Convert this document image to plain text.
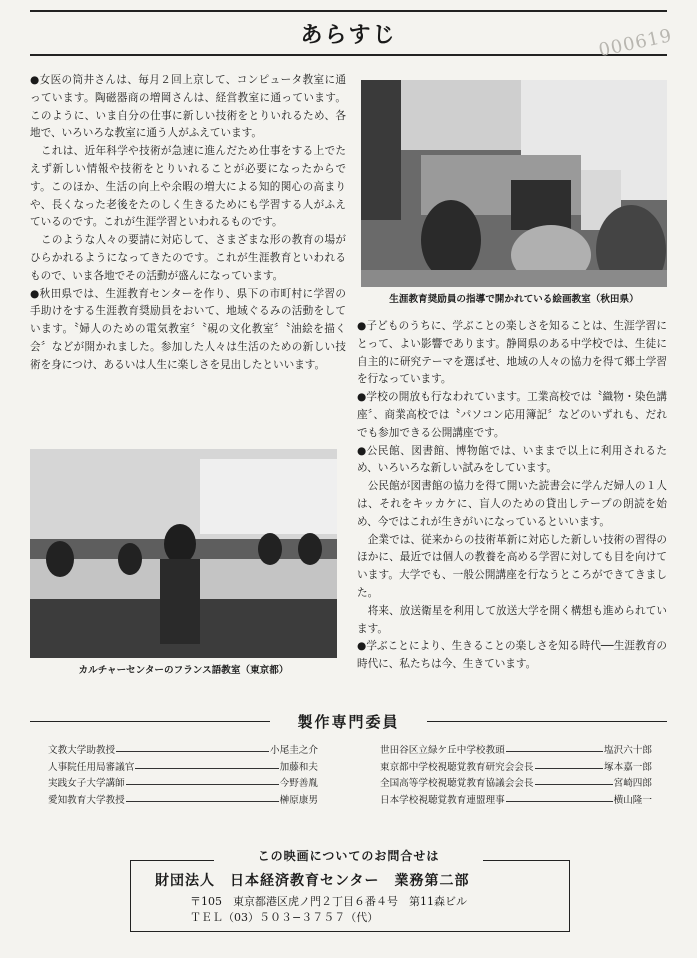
あらすじ	000619

●女医の筒井さんは、毎月２回上京して、コンピュータ教室に通っています。陶磁器商の増岡さんは、経営教室に通っています。このように、いま自分の仕事に新しい技術をとりいれるため、各地で、いろいろな教室に通う人がふえています。

　これは、近年科学や技術が急速に進んだため仕事をする上でたえず新しい情報や技術をとりいれることが必要になったからです。このほか、生活の向上や余暇の増大による知的関心の高まりや、長くなった老後をたのしく生きるためにも学習する人がふえているのです。これが生涯学習といわれるものです。

　このような人々の要請に対応して、さまざまな形の教育の場がひらかれるようになってきたのです。これが生涯教育といわれるもので、いま各地でその活動が盛んになっています。

●秋田県では、生涯教育センターを作り、県下の市町村に学習の手助けをする生涯教育奨励員をおいて、地域ぐるみの活動をしています。〝婦人のための電気教室〞〝硯の文化教室〞〝油絵を描く会〞などが開かれました。参加した人々は生活のための新しい技術を身につけ、あるいは人生に楽しさを見出したといいます。

生涯教育奨励員の指導で開かれている絵画教室（秋田県）
カルチャーセンターのフランス語教室（東京都）

●子どものうちに、学ぶことの楽しさを知ることは、生涯学習にとって、よい影響であります。静岡県のある中学校では、生徒に自主的に研究テーマを選ばせ、地域の人々の協力を得て郷土学習を行なっています。

●学校の開放も行なわれています。工業高校では〝織物・染色講座〞、商業高校では〝パソコン応用簿記〞などのいずれも、だれでも参加できる公開講座です。

●公民館、図書館、博物館では、いままで以上に利用されるため、いろいろな新しい試みをしています。

　公民館が図書館の協力を得て開いた読書会に学んだ婦人の１人は、それをキッカケに、盲人のための貸出しテープの朗読を始め、今ではこれが生きがいになっているといいます。

　企業では、従来からの技術革新に対応した新しい技術の習得のほかに、最近では個人の教養を高める学習に対しても目を向けています。大学でも、一般公開講座を行なうところができてきました。

　将来、放送衛星を利用して放送大学を開く構想も進められています。

●学ぶことにより、生きることの楽しさを知る時代──生涯教育の時代に、私たちは今、生きています。

製作専門委員
文教大学助教授	小尾圭之介
人事院任用局審議官	加藤和夫
実践女子大学講師	今野善胤
愛知教育大学教授	榊原康男
世田谷区立緑ケ丘中学校教頭	塩沢六十郎
東京都中学校視聴覚教育研究会会長	塚本嘉一郎
全国高等学校視聴覚教育協議会会長	宮崎四郎
日本学校視聴覚教育連盟理事	横山隆一
この映画についてのお問合せは
財団法人　日本経済教育センター　業務第二部
〒105　東京都港区虎ノ門２丁目６番４号　第11森ビル
ＴＥＬ（03）５０３−３７５７（代）
